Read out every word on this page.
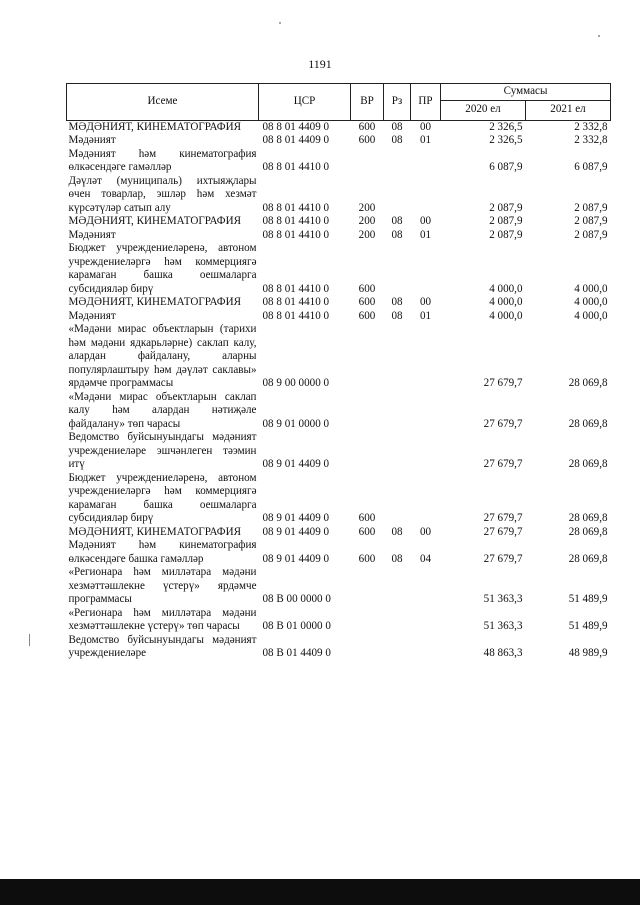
1191
Исеме	ЦСР	ВР	Рз	ПР	Суммасы	
					2020 ел	2021 ел
МӘДӘНИЯТ, КИНЕМАТОГРАФИЯ	08 8 01 4409 0	600	08	00	2 326,5	2 332,8
Мәдәният	08 8 01 4409 0	600	08	01	2 326,5	2 332,8
Мәдәният һәм кинематография өлкәсендәге гамәлләр	08 8 01 4410 0				6 087,9	6 087,9
Дәүләт (муниципаль) ихтыяҗлары өчен товарлар, эшләр һәм хезмәт күрсәтүләр сатып алу	08 8 01 4410 0	200			2 087,9	2 087,9
МӘДӘНИЯТ, КИНЕМАТОГРАФИЯ	08 8 01 4410 0	200	08	00	2 087,9	2 087,9
Мәдәният	08 8 01 4410 0	200	08	01	2 087,9	2 087,9
Бюджет учреждениеләренә, автоном учреждениеләргә һәм коммерциягә карамаган башка оешмаларга субсидияләр бирү	08 8 01 4410 0	600			4 000,0	4 000,0
МӘДӘНИЯТ, КИНЕМАТОГРАФИЯ	08 8 01 4410 0	600	08	00	4 000,0	4 000,0
Мәдәният	08 8 01 4410 0	600	08	01	4 000,0	4 000,0
«Мәдәни мирас объектларын (тарихи һәм мәдәни ядкарьләрне) саклап калу, алардан файдалану, аларны популярлаштыру һәм дәүләт саклавы» ярдәмче программасы	08 9 00 0000 0				27 679,7	28 069,8
«Мәдәни мирас объектларын саклап калу һәм алардан нәтиҗәле файдалану» төп чарасы	08 9 01 0000 0				27 679,7	28 069,8
Ведомство буйсынуындагы мәдәният учреждениеләре эшчәнлеген тәэмин итү	08 9 01 4409 0				27 679,7	28 069,8
Бюджет учреждениеләренә, автоном учреждениеләргә һәм коммерциягә карамаган башка оешмаларга субсидияләр бирү	08 9 01 4409 0	600			27 679,7	28 069,8
МӘДӘНИЯТ, КИНЕМАТОГРАФИЯ	08 9 01 4409 0	600	08	00	27 679,7	28 069,8
Мәдәният һәм кинематография өлкәсендәге башка гамәлләр	08 9 01 4409 0	600	08	04	27 679,7	28 069,8
«Регионара һәм милләтара мәдәни хезмәттәшлекне үстерү» ярдәмче программасы	08 В 00 0000 0				51 363,3	51 489,9
«Регионара һәм милләтара мәдәни хезмәттәшлекне үстерү» төп чарасы	08 В 01 0000 0				51 363,3	51 489,9
Ведомство буйсынуындагы мәдәният учреждениеләре	08 В 01 4409 0				48 863,3	48 989,9
